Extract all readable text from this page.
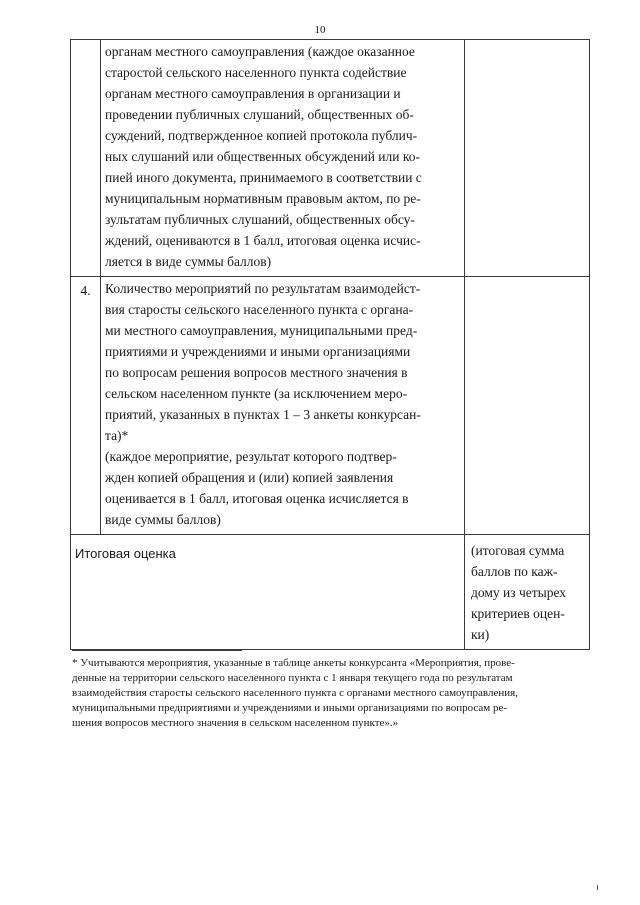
10
органам местного самоуправления (каждое оказанное
старостой сельского населенного пункта содействие
органам местного самоуправления в организации и
проведении публичных слушаний, общественных об-
суждений, подтвержденное копией протокола публич-
ных слушаний или общественных обсуждений или ко-
пией иного документа, принимаемого в соответствии с
муниципальным нормативным правовым актом, по ре-
зультатам публичных слушаний, общественных обсу-
ждений, оцениваются в 1 балл, итоговая оценка исчис-
ляется в виде суммы баллов)
4.	Количество мероприятий по результатам взаимодейст-
вия старосты сельского населенного пункта с органа-
ми местного самоуправления, муниципальными пред-
приятиями и учреждениями и иными организациями
по вопросам решения вопросов местного значения в
сельском населенном пункте (за исключением меро-
приятий, указанных в пунктах 1 – 3 анкеты конкурсан-
та)*
(каждое мероприятие, результат которого подтвер-
жден копией обращения и (или) копией заявления
оценивается в 1 балл, итоговая оценка исчисляется в
виде суммы баллов)
Итоговая оценка	(итоговая сумма
баллов по каж-
дому из четырех
критериев оцен-
ки)
* Учитываются мероприятия, указанные в таблице анкеты конкурсанта «Мероприятия, прове-
денные на территории сельского населенного пункта с 1 января текущего года по результатам
взаимодействия старосты сельского населенного пункта с органами местного самоуправления,
муниципальными предприятиями и учреждениями и иными организациями по вопросам ре-
шения вопросов местного значения в сельском населенном пункте».»
